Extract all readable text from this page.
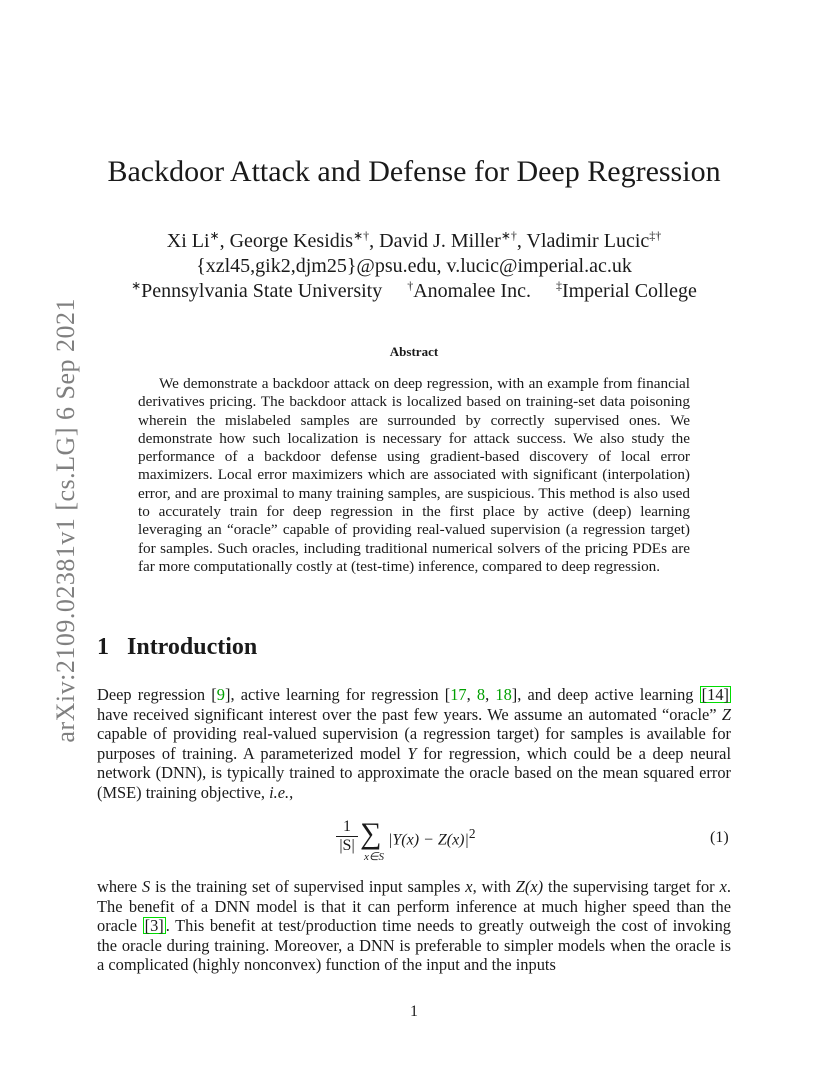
arXiv:2109.02381v1 [cs.LG] 6 Sep 2021
Backdoor Attack and Defense for Deep Regression
Xi Li∗, George Kesidis∗†, David J. Miller∗†, Vladimir Lucic‡†
{xzl45,gik2,djm25}@psu.edu, v.lucic@imperial.ac.uk
∗Pennsylvania State University †Anomalee Inc. ‡Imperial College
Abstract
We demonstrate a backdoor attack on deep regression, with an example from financial derivatives pricing. The backdoor attack is localized based on training-set data poisoning wherein the mislabeled samples are surrounded by correctly supervised ones. We demonstrate how such localization is necessary for attack success. We also study the performance of a backdoor defense using gradient-based discovery of local error maximizers. Local error maximizers which are associated with significant (interpolation) error, and are proximal to many training samples, are suspicious. This method is also used to accurately train for deep regression in the first place by active (deep) learning leveraging an “oracle” capable of providing real-valued supervision (a regression target) for samples. Such oracles, including traditional numerical solvers of the pricing PDEs are far more computationally costly at (test-time) inference, compared to deep regression.
1 Introduction
Deep regression [9], active learning for regression [17, 8, 18], and deep active learning [14] have received significant interest over the past few years. We assume an automated “oracle” Z capable of providing real-valued supervision (a regression target) for samples is available for purposes of training. A parameterized model Y for regression, which could be a deep neural network (DNN), is typically trained to approximate the oracle based on the mean squared error (MSE) training objective, i.e.,
$\frac{1}{|S|}$ ∑
x∈S
$|Y(x) - Z(x)|^2$	(1)
where S is the training set of supervised input samples x, with Z(x) the supervising target for x. The benefit of a DNN model is that it can perform inference at much higher speed than the oracle [3] . This benefit at test/production time needs to greatly outweigh the cost of invoking the oracle during training. Moreover, a DNN is preferable to simpler models when the oracle is a complicated (highly nonconvex) function of the input and the inputs
1
